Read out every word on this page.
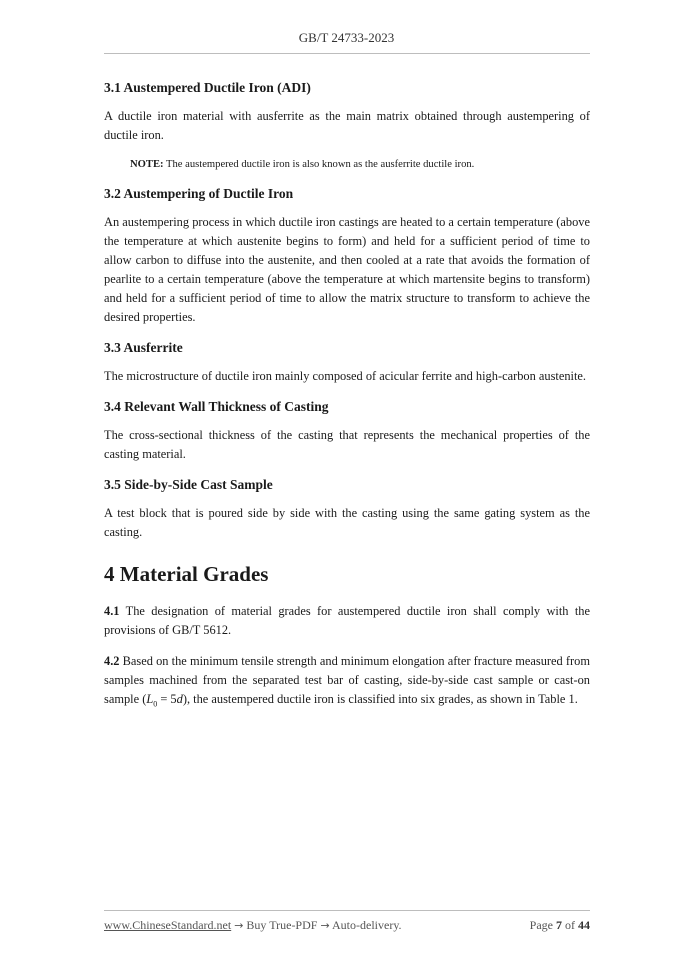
GB/T 24733-2023
3.1 Austempered Ductile Iron (ADI)

A ductile iron material with ausferrite as the main matrix obtained through austempering of ductile iron.

NOTE: The austempered ductile iron is also known as the ausferrite ductile iron.

3.2 Austempering of Ductile Iron

An austempering process in which ductile iron castings are heated to a certain temperature (above the temperature at which austenite begins to form) and held for a sufficient period of time to allow carbon to diffuse into the austenite, and then cooled at a rate that avoids the formation of pearlite to a certain temperature (above the temperature at which martensite begins to transform) and held for a sufficient period of time to allow the matrix structure to transform to achieve the desired properties.

3.3 Ausferrite

The microstructure of ductile iron mainly composed of acicular ferrite and high-carbon austenite.

3.4 Relevant Wall Thickness of Casting

The cross-sectional thickness of the casting that represents the mechanical properties of the casting material.

3.5 Side-by-Side Cast Sample

A test block that is poured side by side with the casting using the same gating system as the casting.

4 Material Grades

4.1 The designation of material grades for austempered ductile iron shall comply with the provisions of GB/T 5612.

4.2 Based on the minimum tensile strength and minimum elongation after fracture measured from samples machined from the separated test bar of casting, side-by-side cast sample or cast-on sample $(L_0 = 5d)$, the austempered ductile iron is classified into six grades, as shown in Table 1.

www.ChineseStandard.net → Buy True-PDF → Auto-delivery.	Page 7 of 44
